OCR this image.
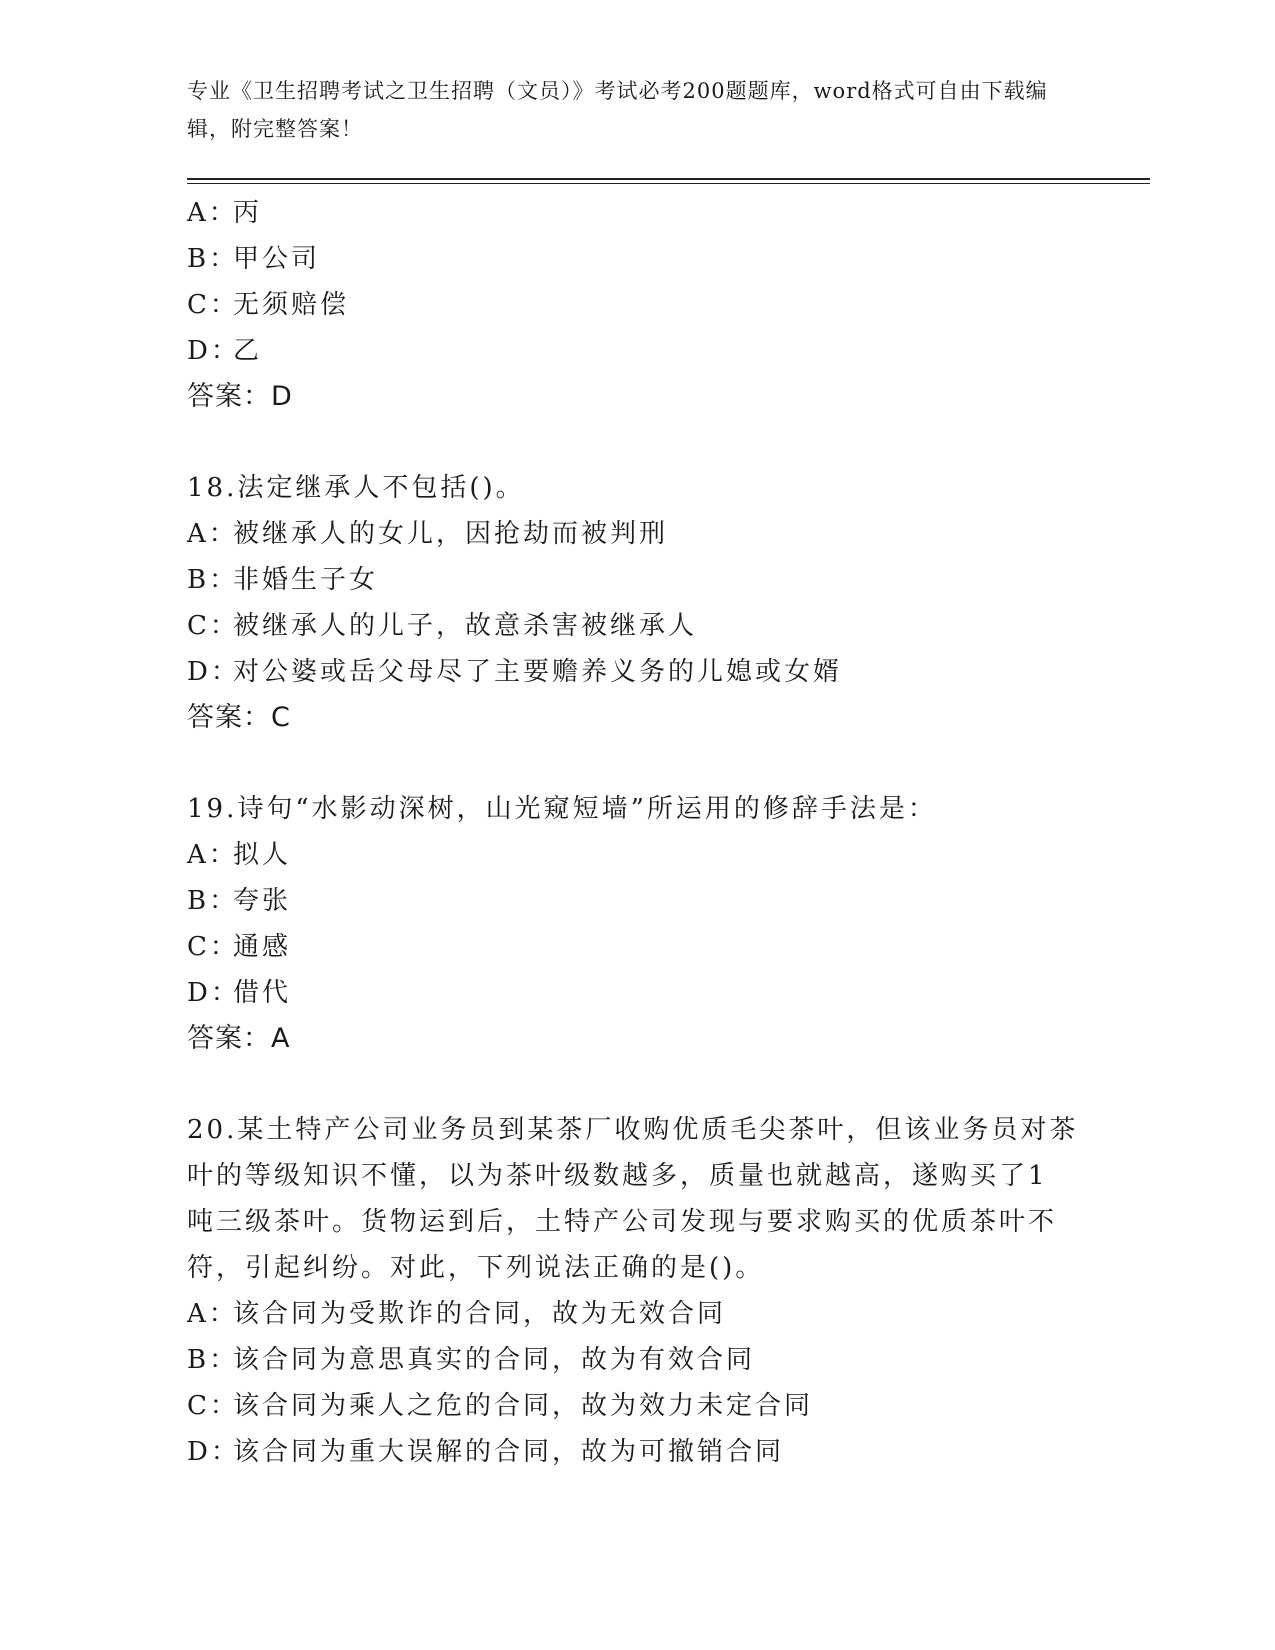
专业《卫生招聘考试之卫生招聘（文员）》考试必考200题题库，word格式可自由下载编辑，附完整答案！
A：丙
B：甲公司
C：无须赔偿
D：乙
答案：D
18.法定继承人不包括()。
A：被继承人的女儿，因抢劫而被判刑
B：非婚生子女
C：被继承人的儿子，故意杀害被继承人
D：对公婆或岳父母尽了主要赡养义务的儿媳或女婿
答案：C
19.诗句“水影动深树，山光窥短墙”所运用的修辞手法是：
A：拟人
B：夸张
C：通感
D：借代
答案：A
20.某土特产公司业务员到某茶厂收购优质毛尖茶叶，但该业务员对茶
叶的等级知识不懂，以为茶叶级数越多，质量也就越高，遂购买了1
吨三级茶叶。货物运到后，土特产公司发现与要求购买的优质茶叶不
符，引起纠纷。对此，下列说法正确的是()。
A：该合同为受欺诈的合同，故为无效合同
B：该合同为意思真实的合同，故为有效合同
C：该合同为乘人之危的合同，故为效力未定合同
D：该合同为重大误解的合同，故为可撤销合同
